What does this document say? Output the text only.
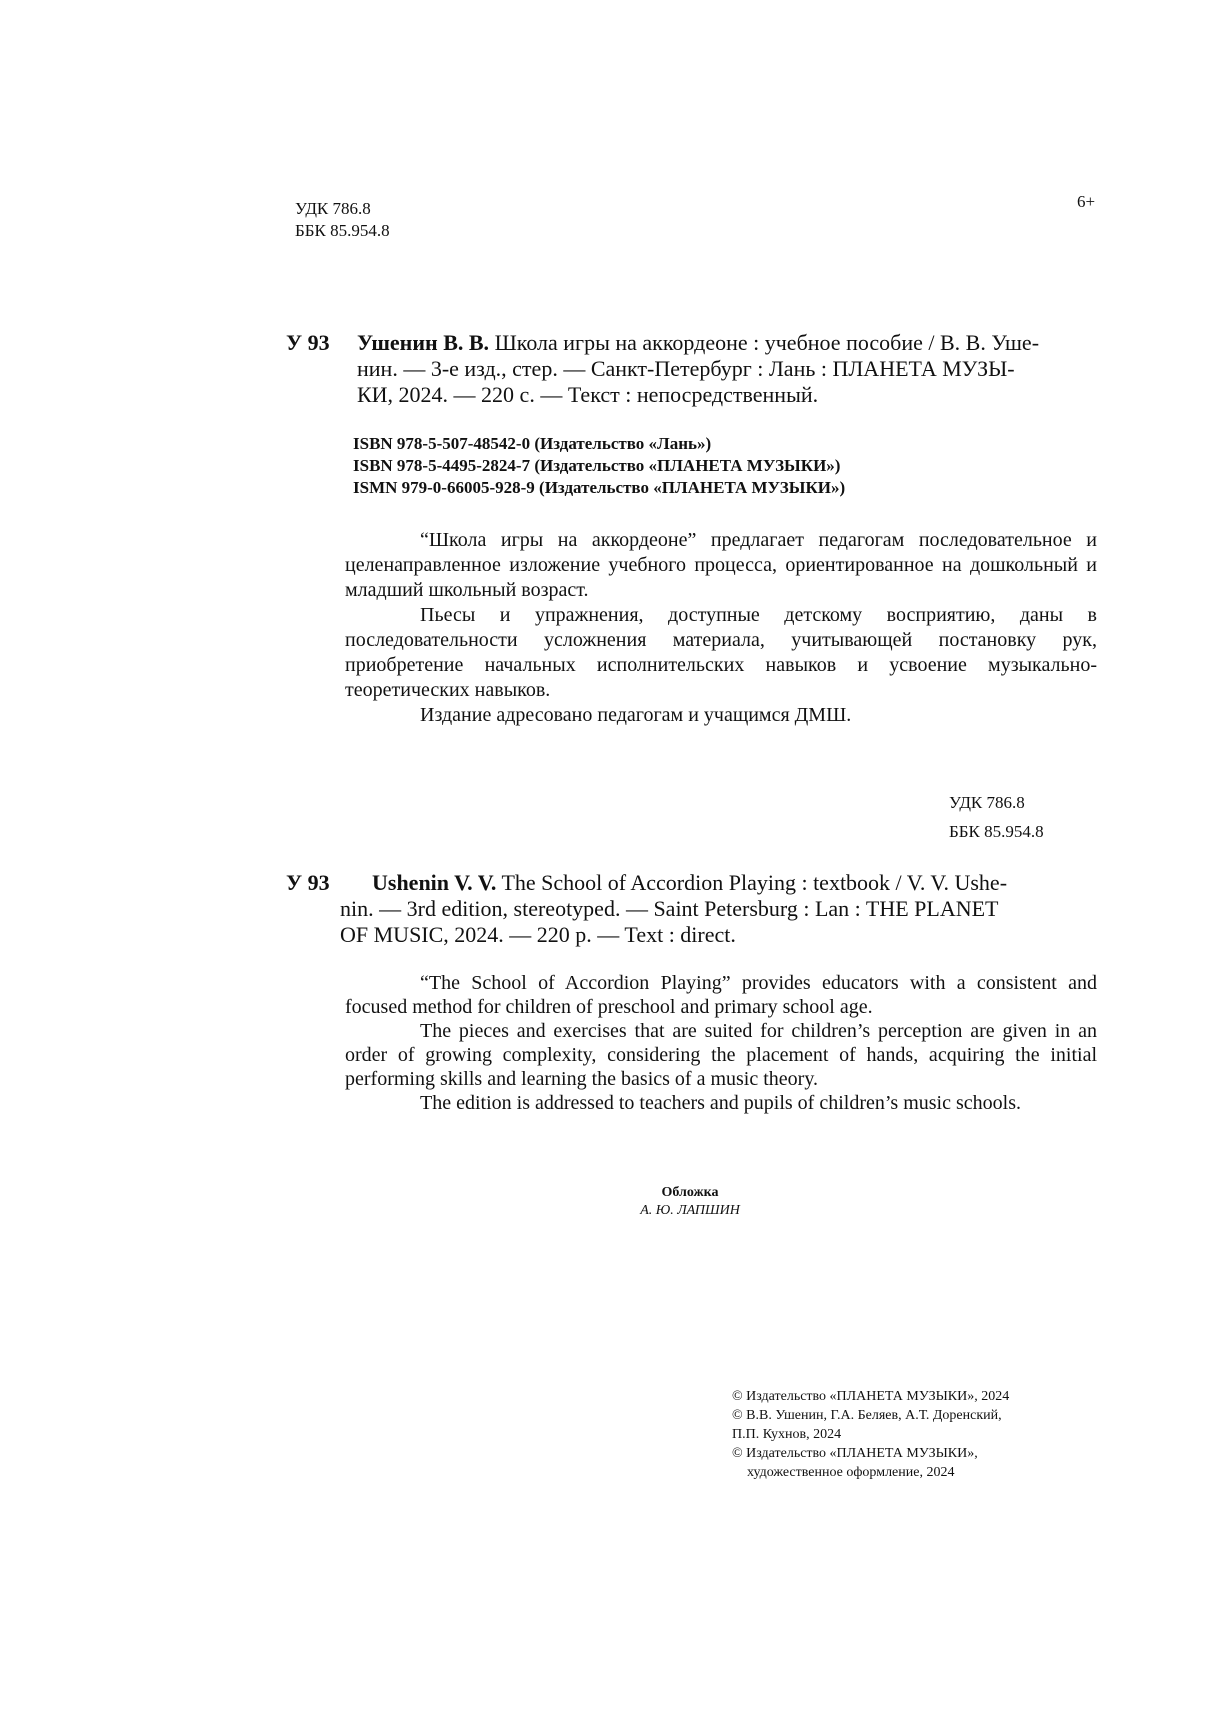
УДК 786.8
ББК 85.954.8
6+
У 93 Ушенин В. В. Школа игры на аккордеоне : учебное пособие / В. В. Уше-
нин. — 3-е изд., стер. — Санкт-Петербург : Лань : ПЛАНЕТА МУЗЫ-
КИ, 2024. — 220 с. — Текст : непосредственный.
ISBN 978-5-507-48542-0 (Издательство «Лань»)
ISBN 978-5-4495-2824-7 (Издательство «ПЛАНЕТА МУЗЫКИ»)
ISMN 979-0-66005-928-9 (Издательство «ПЛАНЕТА МУЗЫКИ»)
“Школа игры на аккордеоне” предлагает педагогам последовательное и целенаправленное изложение учебного процесса, ориентированное на дошкольный и младший школьный возраст.
Пьесы и упражнения, доступные детскому восприятию, даны в последовательности усложнения материала, учитывающей постановку рук, приобретение начальных исполнительских навыков и усвоение музыкально-теоретических навыков.
Издание адресовано педагогам и учащимся ДМШ.
УДК 786.8
ББК 85.954.8
У 93 Ushenin V. V. The School of Accordion Playing : textbook / V. V. Ushe-
nin. — 3rd edition, stereotyped. — Saint Petersburg : Lan : THE PLANET
OF MUSIC, 2024. — 220 p. — Text : direct.
“The School of Accordion Playing” provides educators with a consistent and focused method for children of preschool and primary school age.
The pieces and exercises that are suited for children’s perception are given in an order of growing complexity, considering the placement of hands, acquiring the initial performing skills and learning the basics of a music theory.
The edition is addressed to teachers and pupils of children’s music schools.
Обложка
А. Ю. ЛАПШИН
© Издательство «ПЛАНЕТА МУЗЫКИ», 2024
© В.В. Ушенин, Г.А. Беляев, А.Т. Доренский,
П.П. Кухнов, 2024
© Издательство «ПЛАНЕТА МУЗЫКИ»,
художественное оформление, 2024
